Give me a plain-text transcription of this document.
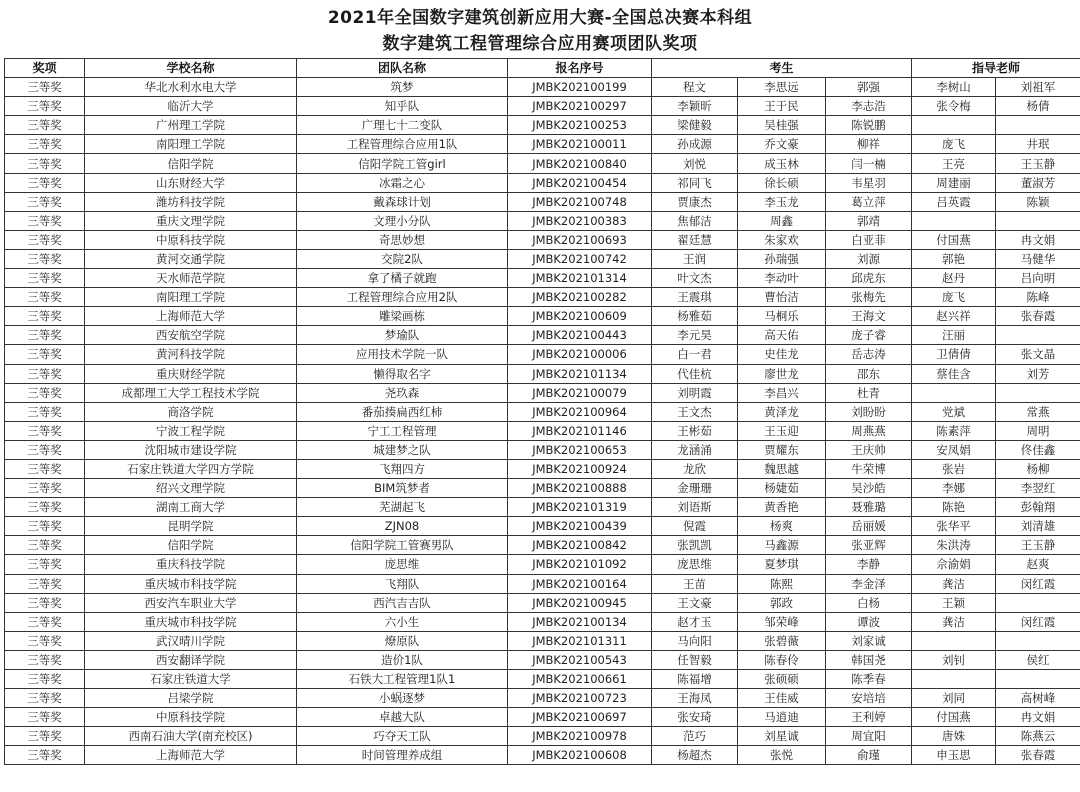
2021年全国数字建筑创新应用大赛-全国总决赛本科组
数字建筑工程管理综合应用赛项团队奖项
奖项	学校名称	团队名称	报名序号	考生			指导老师	
三等奖	华北水利水电大学	筑梦	JMBK202100199	程文	李思远	郭强	李树山	刘祖军
三等奖	临沂大学	知乎队	JMBK202100297	李颖昕	王于民	李志浩	张令梅	杨倩
三等奖	广州理工学院	广理七十二变队	JMBK202100253	梁健毅	吴桂强	陈锐鹏		
三等奖	南阳理工学院	工程管理综合应用1队	JMBK202100011	孙成源	乔文豪	柳祥	庞飞	井珉
三等奖	信阳学院	信阳学院工管girl	JMBK202100840	刘悦	成玉林	闫一楠	王亮	王玉静
三等奖	山东财经大学	冰霜之心	JMBK202100454	祁同飞	徐长硕	韦星羽	周建丽	董淑芳
三等奖	潍坊科技学院	戴森球计划	JMBK202100748	贾康杰	李玉龙	葛立萍	吕英霞	陈颖
三等奖	重庆文理学院	文理小分队	JMBK202100383	焦郁洁	周鑫	郭靖		
三等奖	中原科技学院	奇思妙想	JMBK202100693	翟廷慧	朱家欢	白亚菲	付国燕	冉文娟
三等奖	黄河交通学院	交院2队	JMBK202100742	王润	孙瑞强	刘源	郭艳	马健华
三等奖	天水师范学院	拿了橘子就跑	JMBK202101314	叶文杰	李动叶	邱虎东	赵丹	吕向明
三等奖	南阳理工学院	工程管理综合应用2队	JMBK202100282	王震琪	曹怡洁	张梅先	庞飞	陈峰
三等奖	上海师范大学	雕梁画栋	JMBK202100609	杨雅茹	马桐乐	王海文	赵兴祥	张春霞
三等奖	西安航空学院	梦瑜队	JMBK202100443	李元昊	高天佑	庞子睿	汪丽	
三等奖	黄河科技学院	应用技术学院一队	JMBK202100006	白一君	史佳龙	岳志涛	卫倩倩	张文晶
三等奖	重庆财经学院	懒得取名字	JMBK202101134	代佳杭	廖世龙	邵东	蔡佳含	刘芳
三等奖	成都理工大学工程技术学院	尧玖森	JMBK202100079	刘明霞	李昌兴	杜青		
三等奖	商洛学院	番茄揍扁西红柿	JMBK202100964	王文杰	黄泽龙	刘盼盼	党斌	常燕
三等奖	宁波工程学院	宁工工程管理	JMBK202101146	王彬茹	王玉迎	周燕燕	陈素萍	周明
三等奖	沈阳城市建设学院	城建梦之队	JMBK202100653	龙涵涌	贾耀东	王庆帅	安凤娟	佟佳鑫
三等奖	石家庄铁道大学四方学院	飞翔四方	JMBK202100924	龙欣	魏思越	牛荣博	张岩	杨柳
三等奖	绍兴文理学院	BIM筑梦者	JMBK202100888	金珊珊	杨婕茹	吴沙皓	李娜	李翌红
三等奖	湖南工商大学	芜湖起飞	JMBK202101319	刘语斯	黄香艳	聂雅璐	陈艳	彭翰翔
三等奖	昆明学院	ZJN08	JMBK202100439	倪霞	杨爽	岳丽媛	张华平	刘清雄
三等奖	信阳学院	信阳学院工管赛男队	JMBK202100842	张凯凯	马鑫源	张亚辉	朱洪涛	王玉静
三等奖	重庆科技学院	庞思维	JMBK202101092	庞思维	夏梦琪	李静	佘渝娟	赵爽
三等奖	重庆城市科技学院	飞翔队	JMBK202100164	王苗	陈熙	李金泽	龚洁	闵红霞
三等奖	西安汽车职业大学	西汽吉吉队	JMBK202100945	王文豪	郭政	白杨	王颖	
三等奖	重庆城市科技学院	六小生	JMBK202100134	赵才玉	邹荣峰	谭波	龚洁	闵红霞
三等奖	武汉晴川学院	燎原队	JMBK202101311	马向阳	张碧薇	刘家诚		
三等奖	西安翻译学院	造价1队	JMBK202100543	任智毅	陈春伶	韩国尧	刘钊	侯红
三等奖	石家庄铁道大学	石铁大工程管理1队1	JMBK202100661	陈福增	张硕硕	陈季春		
三等奖	吕梁学院	小蜗逐梦	JMBK202100723	王海凤	王佳威	安培培	刘同	高树峰
三等奖	中原科技学院	卓越大队	JMBK202100697	张安琦	马逍迪	王利婷	付国燕	冉文娟
三等奖	西南石油大学(南充校区)	巧夺天工队	JMBK202100978	范巧	刘星诚	周宜阳	唐姝	陈燕云
三等奖	上海师范大学	时间管理养成组	JMBK202100608	杨超杰	张悦	俞瑾	申玉思	张春霞
